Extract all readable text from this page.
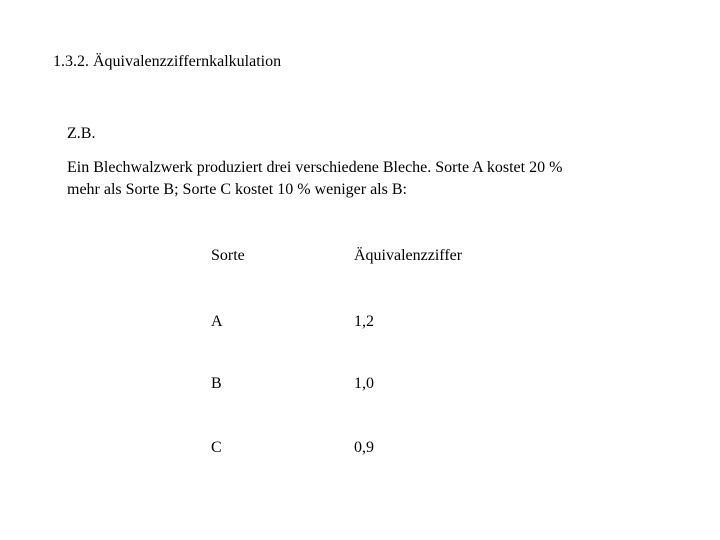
1.3.2. Äquivalenzziffernkalkulation
Z.B.
Ein Blechwalzwerk produziert drei verschiedene Bleche. Sorte A kostet 20 %
mehr als Sorte B; Sorte C kostet 10 % weniger als B:
Sorte	Äquivalenzziffer
A	1,2
B	1,0
C	0,9
